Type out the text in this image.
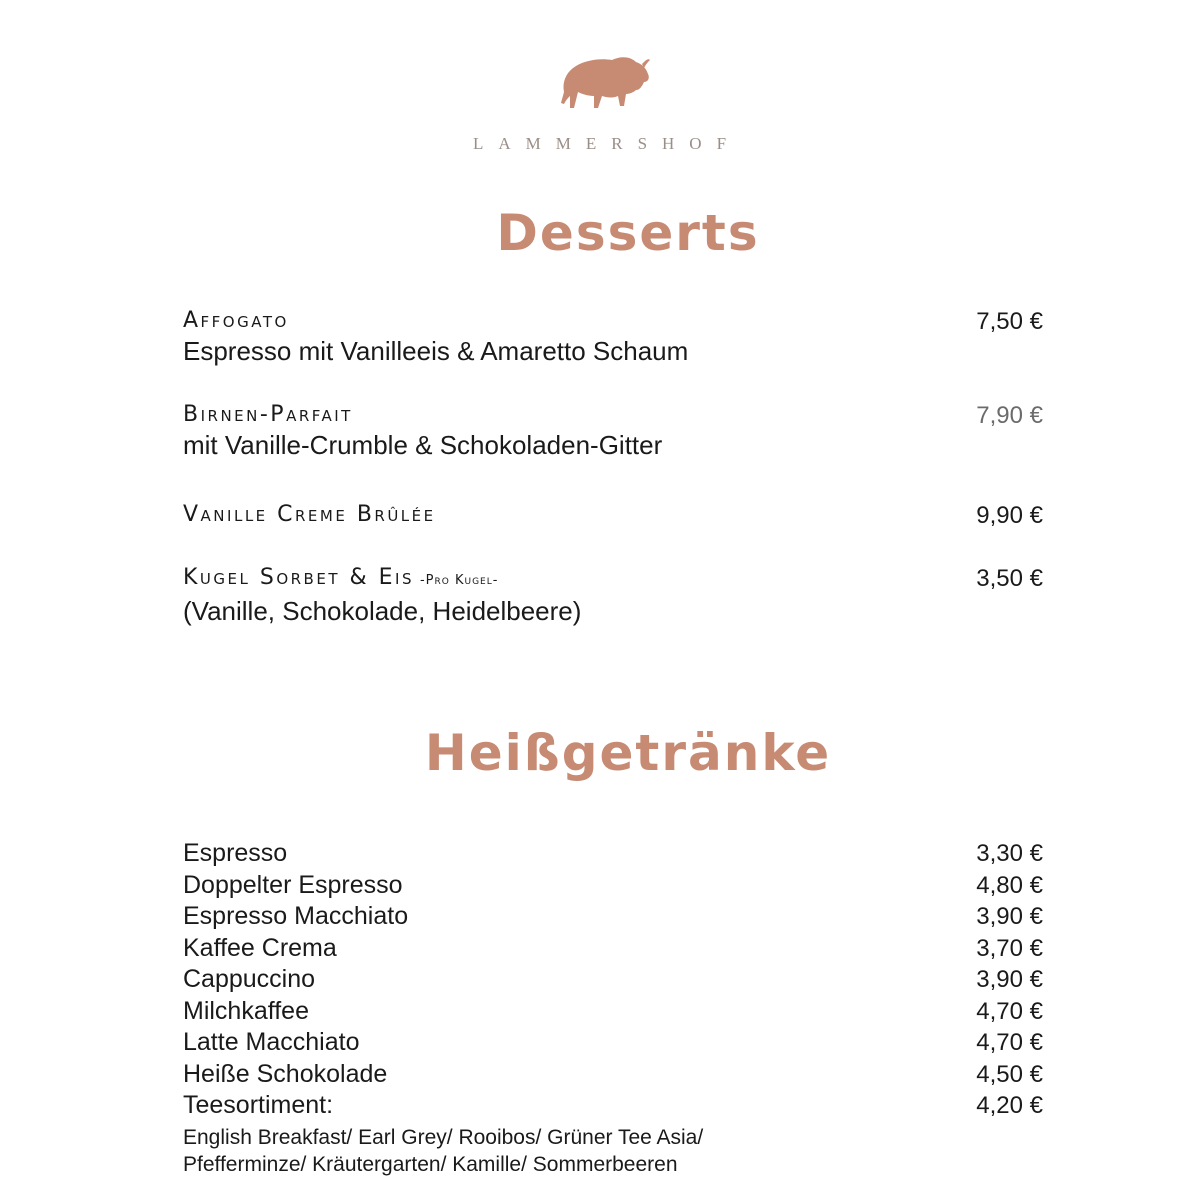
LAMMERSHOF
Desserts
Affogato
Espresso mit Vanilleeis & Amaretto Schaum
7,50 €
Birnen-Parfait
mit Vanille-Crumble & Schokoladen-Gitter
7,90 €
Vanille Creme Brûlée	9,90 €
Kugel Sorbet & Eis -Pro Kugel-
(Vanille, Schokolade, Heidelbeere)
3,50 €
Heißgetränke
Espresso	3,30 €
Doppelter Espresso	4,80 €
Espresso Macchiato	3,90 €
Kaffee Crema	3,70 €
Cappuccino	3,90 €
Milchkaffee	4,70 €
Latte Macchiato	4,70 €
Heiße Schokolade	4,50 €
Teesortiment:	4,20 €
English Breakfast/ Earl Grey/ Rooibos/ Grüner Tee Asia/
Pfefferminze/ Kräutergarten/ Kamille/ Sommerbeeren
